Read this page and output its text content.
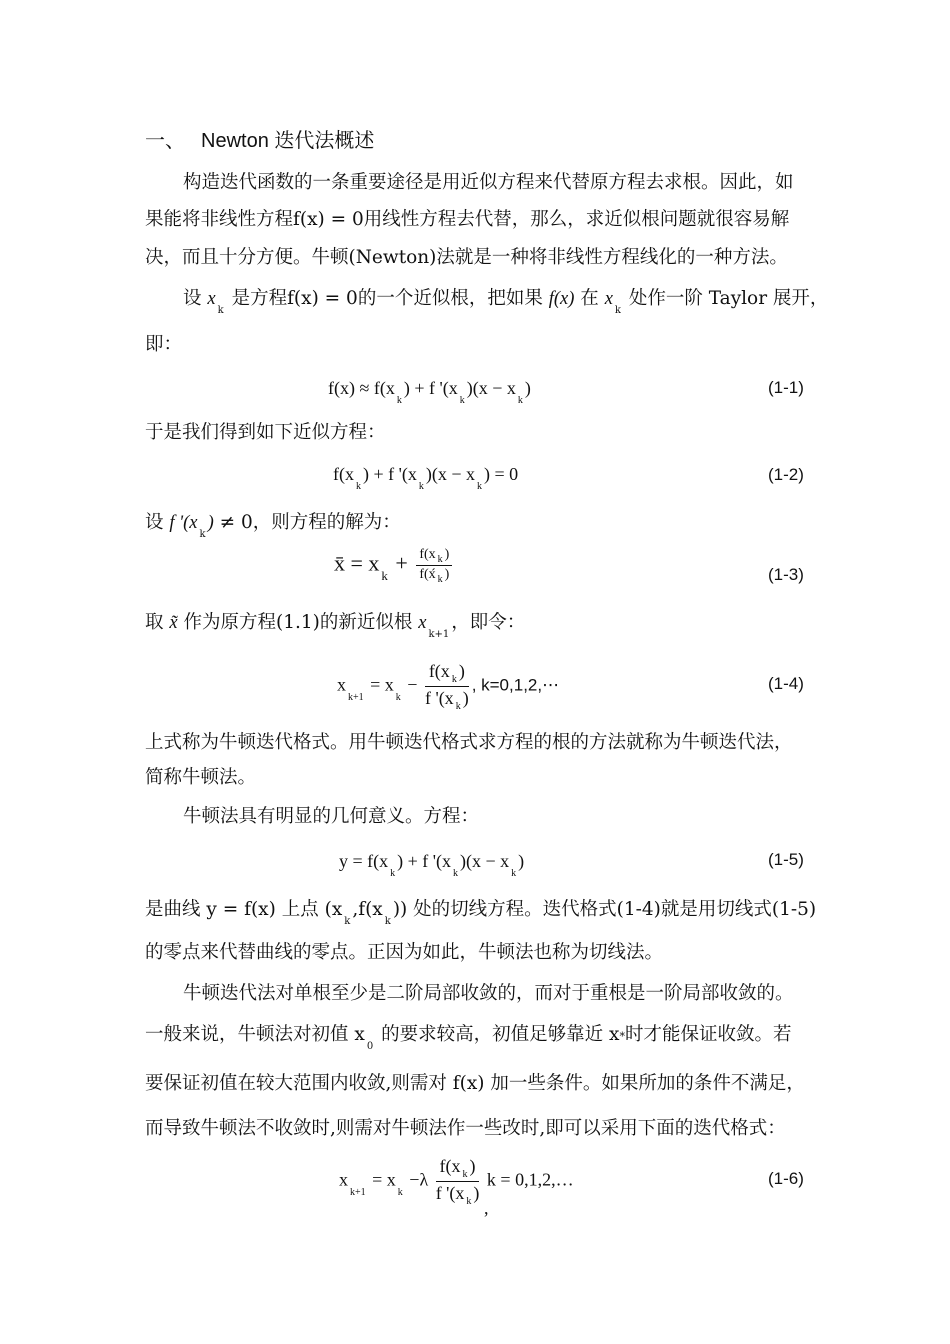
一、 Newton 迭代法概述
构造迭代函数的一条重要途径是用近似方程来代替原方程去求根。因此，如
果能将非线性方程f(x) = 0用线性方程去代替，那么，求近似根问题就很容易解
决，而且十分方便。牛顿(Newton)法就是一种将非线性方程线化的一种方法。
设 $x_k$ 是方程f(x) = 0的一个近似根，把如果 f(x) 在 $x_k$ 处作一阶 Taylor 展开，
即：
$f(x) \approx f(x_k) + f$ '$(x_k)(x - x_k)$	(1-1)
于是我们得到如下近似方程：
$f(x_k) + f$ '$(x_k)(x - x_k) = 0$	(1-2)
设 f '$(x_k) \ne 0$，则方程的解为：
x̄ = x $_k + \frac{f(x _k )}{f(x́ _k )}$	(1-3)
取 x̃ 作为原方程(1.1)的新近似根 $x_{k+1}$，即令：
$x_{k+1} = x_k - \frac{f(x _k )}{f '(x _k )}$ , k=0,1,2,⋯	(1-4)
上式称为牛顿迭代格式。用牛顿迭代格式求方程的根的方法就称为牛顿迭代法，
简称牛顿法。
牛顿法具有明显的几何意义。方程：
$y = f(x_k) + f$ '$(x_k)(x - x_k)$	(1-5)
是曲线 y = f(x) 上点 $(x_k,f(x_k))$ 处的切线方程。迭代格式(1-4)就是用切线式(1-5)
的零点来代替曲线的零点。正因为如此，牛顿法也称为切线法。
牛顿迭代法对单根至少是二阶局部收敛的，而对于重根是一阶局部收敛的。
一般来说，牛顿法对初值 $x_0$ 的要求较高，初值足够靠近 x*时才能保证收敛。若
要保证初值在较大范围内收敛,则需对 f(x) 加一些条件。如果所加的条件不满足，
而导致牛顿法不收敛时,则需对牛顿法作一些改时,即可以采用下面的迭代格式：
$x_{k+1} = x_k -\lambda \frac{f(x _k )}{f '(x _k )}$ k = 0,1,2,…
,
(1-6)
